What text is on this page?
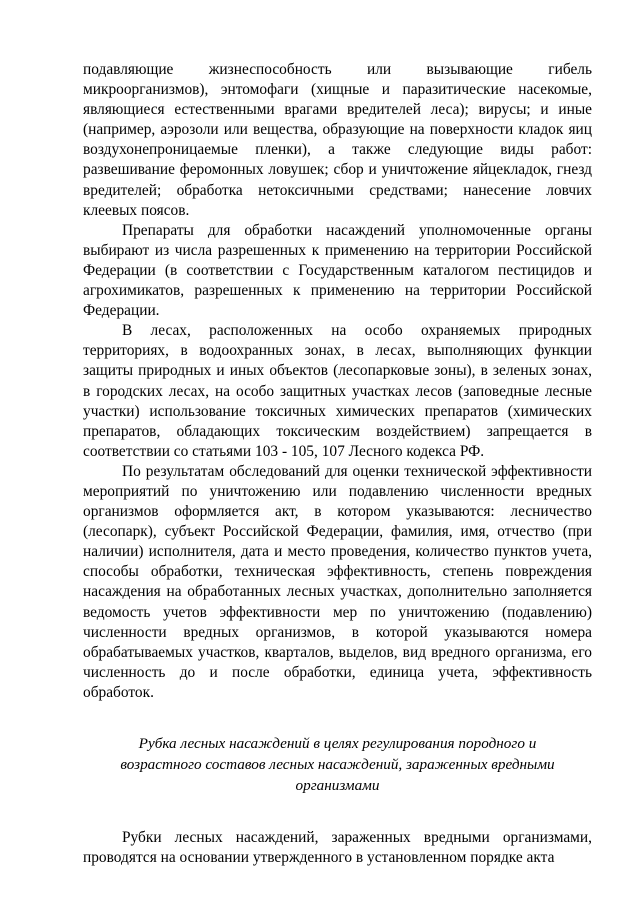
подавляющие жизнеспособность или вызывающие гибель микроорганизмов), энтомофаги (хищные и паразитические насекомые, являющиеся естественными врагами вредителей леса); вирусы; и иные (например, аэрозоли или вещества, образующие на поверхности кладок яиц воздухонепроницаемые пленки), а также следующие виды работ: развешивание феромонных ловушек; сбор и уничтожение яйцекладок, гнезд вредителей; обработка нетоксичными средствами; нанесение ловчих клеевых поясов.

Препараты для обработки насаждений уполномоченные органы выбирают из числа разрешенных к применению на территории Российской Федерации (в соответствии с Государственным каталогом пестицидов и агрохимикатов, разрешенных к применению на территории Российской Федерации.

В лесах, расположенных на особо охраняемых природных территориях, в водоохранных зонах, в лесах, выполняющих функции защиты природных и иных объектов (лесопарковые зоны), в зеленых зонах, в городских лесах, на особо защитных участках лесов (заповедные лесные участки) использование токсичных химических препаратов (химических препаратов, обладающих токсическим воздействием) запрещается в соответствии со статьями 103 - 105, 107 Лесного кодекса РФ.

По результатам обследований для оценки технической эффективности мероприятий по уничтожению или подавлению численности вредных организмов оформляется акт, в котором указываются: лесничество (лесопарк), субъект Российской Федерации, фамилия, имя, отчество (при наличии) исполнителя, дата и место проведения, количество пунктов учета, способы обработки, техническая эффективность, степень повреждения насаждения на обработанных лесных участках, дополнительно заполняется ведомость учетов эффективности мер по уничтожению (подавлению) численности вредных организмов, в которой указываются номера обрабатываемых участков, кварталов, выделов, вид вредного организма, его численность до и после обработки, единица учета, эффективность обработок.

Рубка лесных насаждений в целях регулирования породного и возрастного составов лесных насаждений, зараженных вредными организмами

Рубки лесных насаждений, зараженных вредными организмами, проводятся на основании утвержденного в установленном порядке акта
